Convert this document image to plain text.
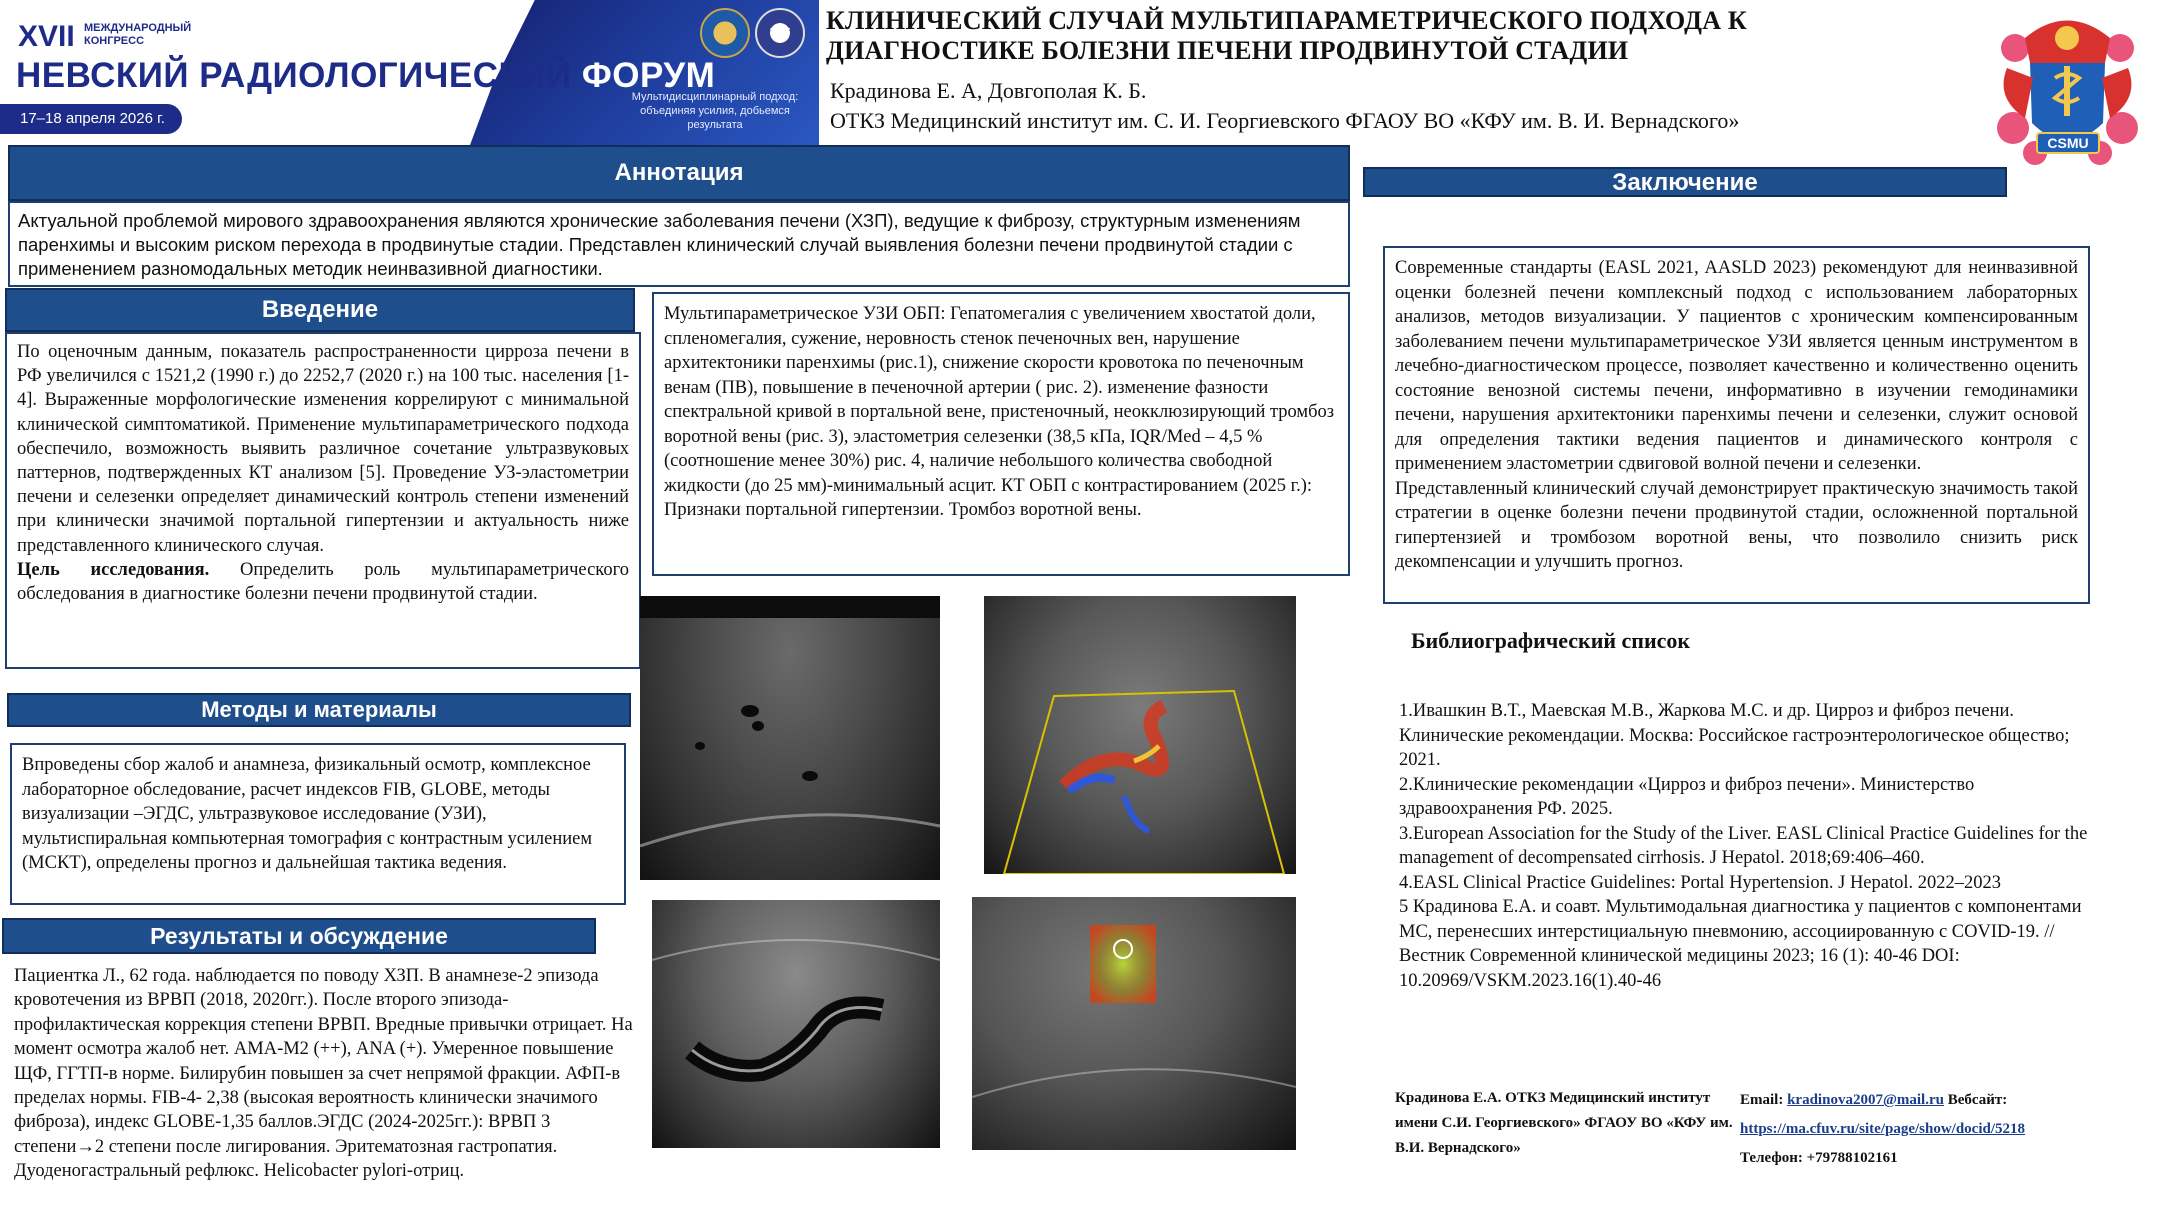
XVII МЕЖДУНАРОДНЫЙ КОНГРЕСС
НЕВСКИЙ РАДИОЛОГИЧЕСКИЙ ФОРУМ
17–18 апреля 2026 г.
NRF
Мультидисциплинарный подход: объединяя усилия, добьемся результата
КЛИНИЧЕСКИЙ СЛУЧАЙ МУЛЬТИПАРАМЕТРИЧЕСКОГО ПОДХОДА К ДИАГНОСТИКЕ БОЛЕЗНИ ПЕЧЕНИ ПРОДВИНУТОЙ СТАДИИ
Крадинова Е. А, Довгополая К. Б.
ОТКЗ Медицинский институт им. С. И. Георгиевского ФГАОУ ВО «КФУ им. В. И. Вернадского»
CSMU
Аннотация
Актуальной проблемой мирового здравоохранения являются хронические заболевания печени (ХЗП), ведущие к фиброзу, структурным изменениям паренхимы и высоким риском перехода в продвинутые стадии. Представлен клинический случай выявления болезни печени продвинутой стадии с применением разномодальных методик неинвазивной диагностики.
Введение
По оценочным данным, показатель распространенности цирроза печени в РФ увеличился с 1521,2 (1990 г.) до 2252,7 (2020 г.) на 100 тыс. населения [1-4]. Выраженные морфологические изменения коррелируют с минимальной клинической симптоматикой. Применение мультипараметрического подхода обеспечило, возможность выявить различное сочетание ультразвуковых паттернов, подтвержденных КТ анализом [5]. Проведение УЗ-эластометрии печени и селезенки определяет динамический контроль степени изменений при клинически значимой портальной гипертензии и актуальность ниже представленного клинического случая.
Цель исследования. Определить роль мультипараметрического обследования в диагностике болезни печени продвинутой стадии.
Методы и материалы
Впроведены сбор жалоб и анамнеза, физикальный осмотр, комплексное лабораторное обследование, расчет индексов FIB, GLOBE, методы визуализации –ЭГДС, ультразвуковое исследование (УЗИ), мультиспиральная компьютерная томография с контрастным усилением (МСКТ), определены прогноз и дальнейшая тактика ведения.
Результаты и обсуждение
Пациентка Л., 62 года. наблюдается по поводу ХЗП. В анамнезе-2 эпизода кровотечения из ВРВП (2018, 2020гг.). После второго эпизода-профилактическая коррекция степени ВРВП. Вредные привычки отрицает. На момент осмотра жалоб нет. АМА-М2 (++), ANA (+). Умеренное повышение ЩФ, ГГТП-в норме. Билирубин повышен за счет непрямой фракции. АФП-в пределах нормы. FIB-4- 2,38 (высокая вероятность клинически значимого фиброза), индекс GLOBE-1,35 баллов.ЭГДС (2024-2025гг.): ВРВП 3 степени→2 степени после лигирования. Эритематозная гастропатия. Дуоденогастральный рефлюкс. Helicobacter pylori-отриц.
Мультипараметрическое УЗИ ОБП: Гепатомегалия с увеличением хвостатой доли, спленомегалия, сужение, неровность стенок печеночных вен, нарушение архитектоники паренхимы (рис.1), снижение скорости кровотока по печеночным венам (ПВ), повышение в печеночной артерии ( рис. 2). изменение фазности спектральной кривой в портальной вене, пристеночный, неокклюзирующий тромбоз воротной вены (рис. 3), эластометрия селезенки (38,5 кПа, IQR/Med – 4,5 % (соотношение менее 30%) рис. 4, наличие небольшого количества свободной жидкости (до 25 мм)-минимальный асцит. КТ ОБП с контрастированием (2025 г.): Признаки портальной гипертензии. Тромбоз воротной вены.
Заключение
Современные стандарты (EASL 2021, AASLD 2023) рекомендуют для неинвазивной оценки болезней печени комплексный подход с использованием лабораторных анализов, методов визуализации. У пациентов с хроническим компенсированным заболеванием печени мультипараметрическое УЗИ является ценным инструментом в лечебно-диагностическом процессе, позволяет качественно и количественно оценить состояние венозной системы печени, информативно в изучении гемодинамики печени, нарушения архитектоники паренхимы печени и селезенки, служит основой для определения тактики ведения пациентов и динамического контроля с применением эластометрии сдвиговой волной печени и селезенки.
Представленный клинический случай демонстрирует практическую значимость такой стратегии в оценке болезни печени продвинутой стадии, осложненной портальной гипертензией и тромбозом воротной вены, что позволило снизить риск декомпенсации и улучшить прогноз.
Библиографический список
1.Ивашкин В.Т., Маевская М.В., Жаркова М.С. и др. Цирроз и фиброз печени. Клинические рекомендации. Москва: Российское гастроэнтерологическое общество; 2021.
2.Клинические рекомендации «Цирроз и фиброз печени». Министерство здравоохранения РФ. 2025.
3.European Association for the Study of the Liver. EASL Clinical Practice Guidelines for the management of decompensated cirrhosis. J Hepatol. 2018;69:406–460.
4.EASL Clinical Practice Guidelines: Portal Hypertension. J Hepatol. 2022–2023
5 Крадинова Е.А. и соавт. Мультимодальная диагностика у пациентов с компонентами МС, перенесших интерстициальную пневмонию, ассоциированную с COVID-19. // Вестник Современной клинической медицины 2023; 16 (1): 40-46 DOI: 10.20969/VSKM.2023.16(1).40-46
Крадинова Е.А. ОТКЗ Медицинский институт имени С.И. Георгиевского» ФГАОУ ВО «КФУ им. В.И. Вернадского»
Email: kradinova2007@mail.ru Вебсайт:
https://ma.cfuv.ru/site/page/show/docid/5218
Телефон: +79788102161
